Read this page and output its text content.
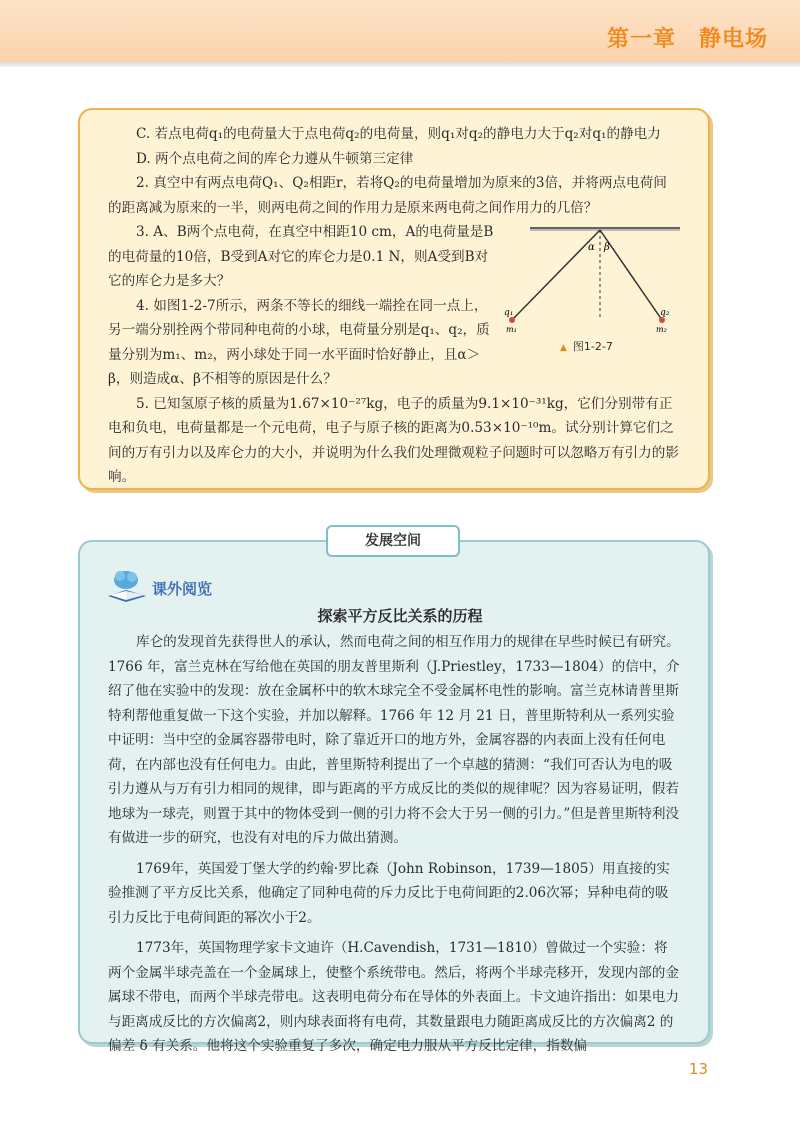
第一章　静电场

C. 若点电荷q₁的电荷量大于点电荷q₂的电荷量，则q₁对q₂的静电力大于q₂对q₁的静电力

D. 两个点电荷之间的库仑力遵从牛顿第三定律

2. 真空中有两点电荷Q₁、Q₂相距r，若将Q₂的电荷量增加为原来的3倍，并将两点电荷间的距离减为原来的一半，则两电荷之间的作用力是原来两电荷之间作用力的几倍？

3. A、B两个点电荷，在真空中相距10 cm，A的电荷量是B的电荷量的10倍，B受到A对它的库仑力是0.1 N，则A受到B对它的库仑力是多大？

4. 如图1-2-7所示，两条不等长的细线一端拴在同一点上，另一端分别拴两个带同种电荷的小球，电荷量分别是q₁、q₂，质量分别为m₁、m₂，两小球处于同一水平面时恰好静止，且α＞β，则造成α、β不相等的原因是什么？

5. 已知氢原子核的质量为1.67×10⁻²⁷kg，电子的质量为9.1×10⁻³¹kg，它们分别带有正电和负电，电荷量都是一个元电荷，电子与原子核的距离为0.53×10⁻¹⁰m。试分别计算它们之间的万有引力以及库仑力的大小，并说明为什么我们处理微观粒子问题时可以忽略万有引力的影响。

α β
q₁	q₂
m₁	m₂
▲ 图1-2-7
发展空间
课外阅览
探索平方反比关系的历程

库仑的发现首先获得世人的承认，然而电荷之间的相互作用力的规律在早些时候已有研究。1766 年，富兰克林在写给他在英国的朋友普里斯利（J.Priestley，1733—1804）的信中，介绍了他在实验中的发现：放在金属杯中的软木球完全不受金属杯电性的影响。富兰克林请普里斯特利帮他重复做一下这个实验，并加以解释。1766 年 12 月 21 日，普里斯特利从一系列实验中证明：当中空的金属容器带电时，除了靠近开口的地方外，金属容器的内表面上没有任何电荷，在内部也没有任何电力。由此，普里斯特利提出了一个卓越的猜测：“我们可否认为电的吸引力遵从与万有引力相同的规律，即与距离的平方成反比的类似的规律呢？因为容易证明，假若地球为一球壳，则置于其中的物体受到一侧的引力将不会大于另一侧的引力。”但是普里斯特利没有做进一步的研究，也没有对电的斥力做出猜测。

1769年，英国爱丁堡大学的约翰·罗比森（John Robinson，1739—1805）用直接的实验推测了平方反比关系，他确定了同种电荷的斥力反比于电荷间距的2.06次幂；异种电荷的吸引力反比于电荷间距的幂次小于2。

1773年，英国物理学家卡文迪许（H.Cavendish，1731—1810）曾做过一个实验：将两个金属半球壳盖在一个金属球上，使整个系统带电。然后，将两个半球壳移开，发现内部的金属球不带电，而两个半球壳带电。这表明电荷分布在导体的外表面上。卡文迪许指出：如果电力与距离成反比的方次偏离2，则内球表面将有电荷，其数量跟电力随距离成反比的方次偏离2 的偏差 δ 有关系。他将这个实验重复了多次，确定电力服从平方反比定律，指数偏

13
